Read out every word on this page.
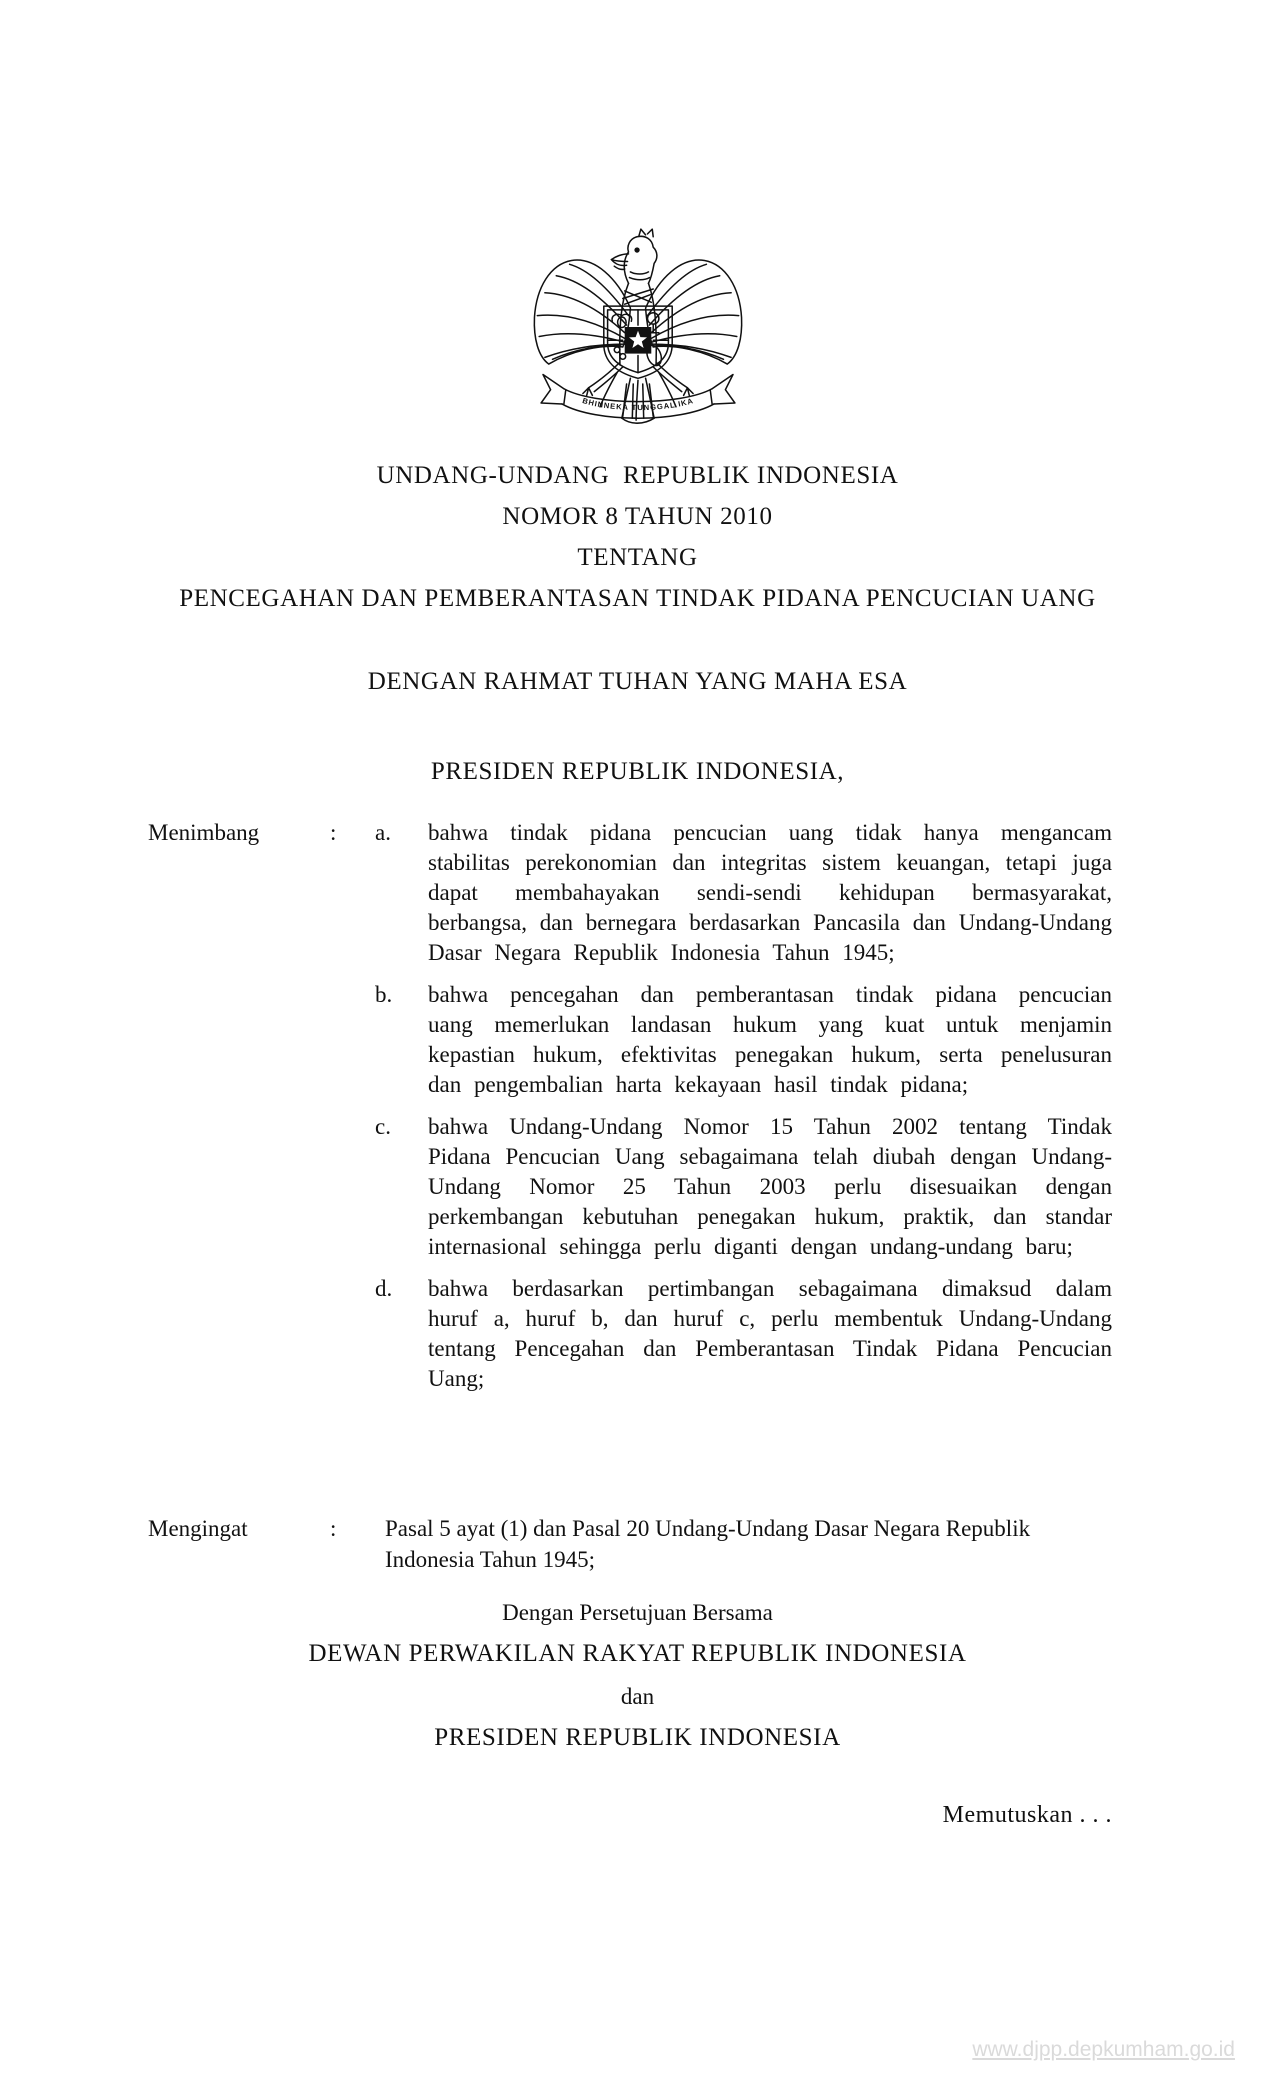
BHINNEKA TUNGGAL IKA
UNDANG-UNDANG  REPUBLIK INDONESIA
NOMOR 8 TAHUN 2010
TENTANG
PENCEGAHAN DAN PEMBERANTASAN TINDAK PIDANA PENCUCIAN UANG
DENGAN RAHMAT TUHAN YANG MAHA ESA
PRESIDEN REPUBLIK INDONESIA,
Menimbang	:	a.	bahwa tindak pidana pencucian uang tidak hanya mengancam stabilitas perekonomian dan integritas sistem keuangan, tetapi juga dapat membahayakan sendi-sendi kehidupan bermasyarakat, berbangsa, dan bernegara berdasarkan Pancasila dan Undang-Undang Dasar Negara Republik Indonesia Tahun 1945;

b.	bahwa pencegahan dan pemberantasan tindak pidana pencucian uang memerlukan landasan hukum yang kuat untuk menjamin kepastian hukum, efektivitas penegakan hukum, serta penelusuran dan pengembalian harta kekayaan hasil tindak pidana;

c.	bahwa Undang-Undang Nomor 15 Tahun 2002 tentang Tindak Pidana Pencucian Uang sebagaimana telah diubah dengan Undang-Undang Nomor 25 Tahun 2003 perlu disesuaikan dengan perkembangan kebutuhan penegakan hukum, praktik, dan standar internasional sehingga perlu diganti dengan undang-undang baru;

d.	bahwa berdasarkan pertimbangan sebagaimana dimaksud dalam huruf a, huruf b, dan huruf c, perlu membentuk Undang-Undang tentang Pencegahan dan Pemberantasan Tindak Pidana Pencucian Uang;

Mengingat	:	Pasal 5 ayat (1) dan Pasal 20 Undang-Undang Dasar Negara Republik Indonesia Tahun 1945;

Dengan Persetujuan Bersama
DEWAN PERWAKILAN RAKYAT REPUBLIK INDONESIA
dan
PRESIDEN REPUBLIK INDONESIA
Memutuskan . . .
www.djpp.depkumham.go.id
